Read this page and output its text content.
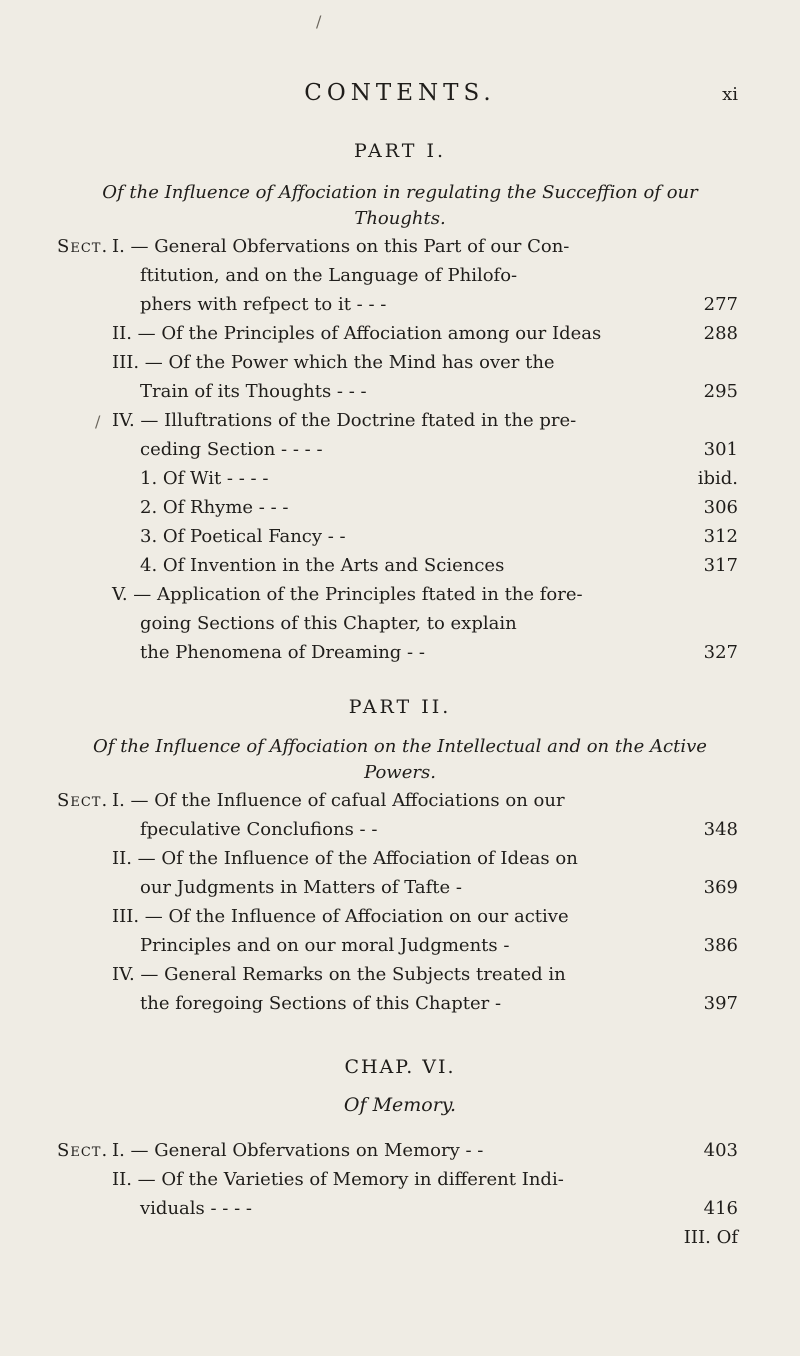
/
CONTENTS.	xi
PART I.
Of the Influence of Affociation in regulating the Succeffion of our Thoughts.
Sect. I. — General Obfervations on this Part of our Con-
ftitution, and on the Language of Philofo-
phers with refpect to it - - -	277
II. — Of the Principles of Affociation among our Ideas	288
III. — Of the Power which the Mind has over the
Train of its Thoughts - - -	295
/ IV. — Illuftrations of the Doctrine ftated in the pre-
ceding Section - - - -	301
1. Of Wit - - - -	ibid.
2. Of Rhyme - - -	306
3. Of Poetical Fancy - -	312
4. Of Invention in the Arts and Sciences	317
V. — Application of the Principles ftated in the fore-
going Sections of this Chapter, to explain
the Phenomena of Dreaming - -	327
PART II.
Of the Influence of Affociation on the Intellectual and on the Active Powers.
Sect. I. — Of the Influence of cafual Affociations on our
fpeculative Conclufions - -	348
II. — Of the Influence of the Affociation of Ideas on
our Judgments in Matters of Tafte -	369
III. — Of the Influence of Affociation on our active
Principles and on our moral Judgments -	386
IV. — General Remarks on the Subjects treated in
the foregoing Sections of this Chapter -	397
CHAP. VI.
Of Memory.
Sect. I. — General Obfervations on Memory - -	403
II. — Of the Varieties of Memory in different Indi-
viduals - - - -	416
III. Of
